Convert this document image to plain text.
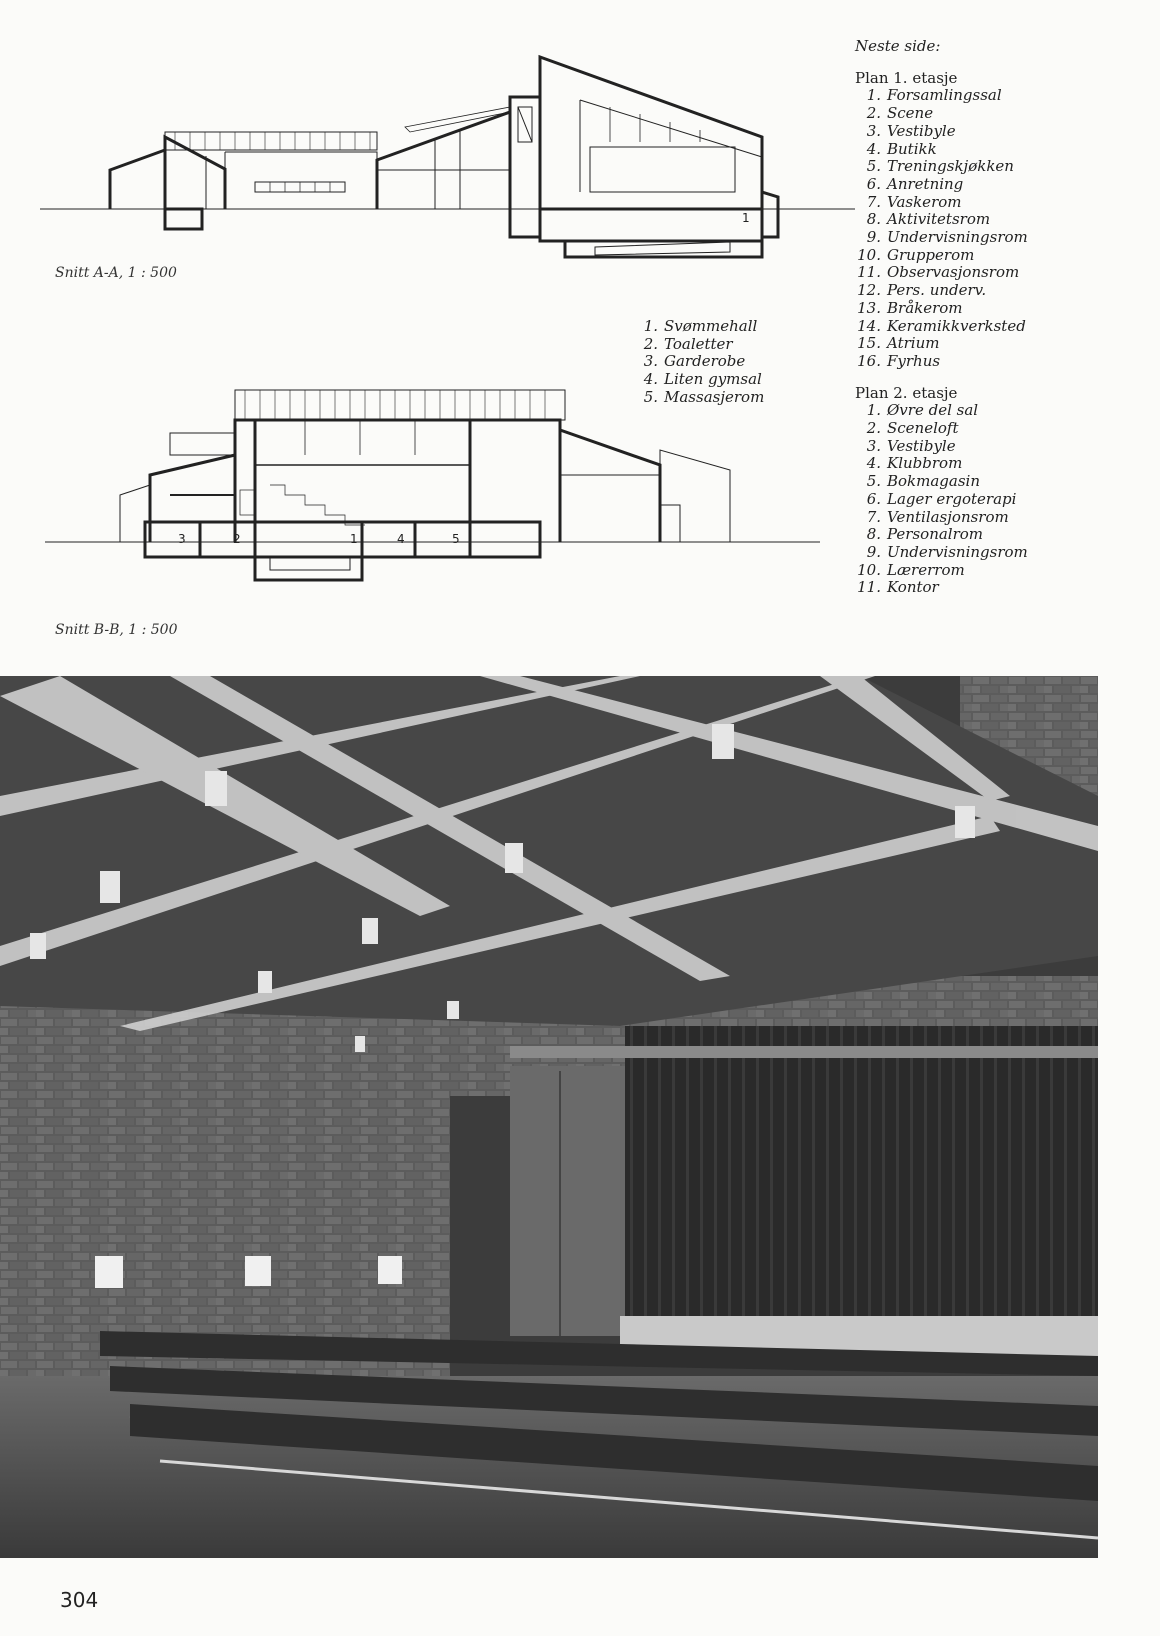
1
Snitt A-A, 1 : 500
1. Svømmehall
2. Toaletter
3. Garderobe
4. Liten gymsal
5. Massasjerom
3	2	1	4	5
Snitt B-B, 1 : 500
Neste side:
Plan 1. etasje
1. Forsamlingssal
2. Scene
3. Vestibyle
4. Butikk
5. Treningskjøkken
6. Anretning
7. Vaskerom
8. Aktivitetsrom
9. Undervisningsrom
10. Grupperom
11. Observasjonsrom
12. Pers. underv.
13. Bråkerom
14. Keramikkverksted
15. Atrium
16. Fyrhus
Plan 2. etasje
1. Øvre del sal
2. Sceneloft
3. Vestibyle
4. Klubbrom
5. Bokmagasin
6. Lager ergoterapi
7. Ventilasjonsrom
8. Personalrom
9. Undervisningsrom
10. Lærerrom
11. Kontor
304
